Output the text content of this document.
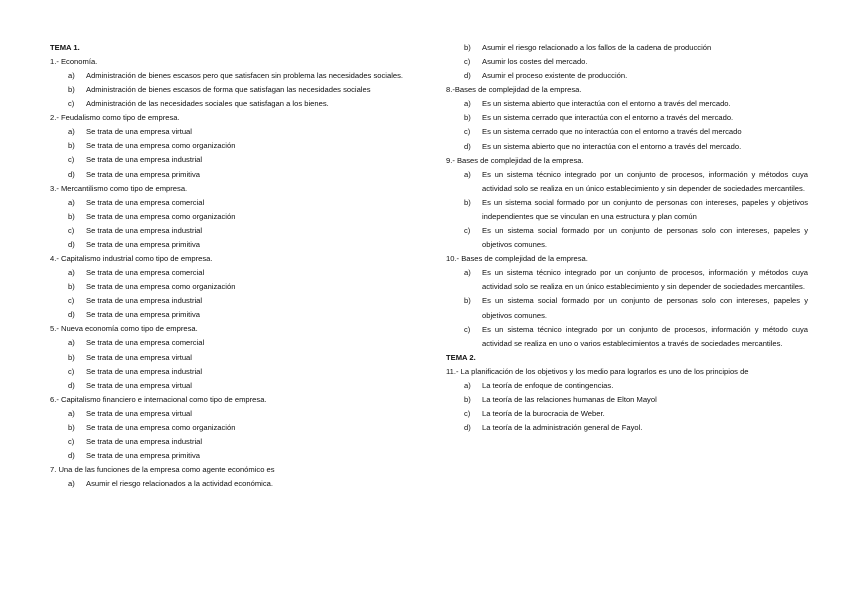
TEMA 1.
1.- Economía.
a) Administración de bienes escasos pero que satisfacen sin problema las necesidades sociales.
b) Administración de bienes escasos de forma que satisfagan las necesidades sociales
c) Administración de las necesidades sociales que satisfagan a los bienes.
2.- Feudalismo como tipo de empresa.
a) Se trata de una empresa virtual
b) Se trata de una empresa como organización
c) Se trata de una empresa industrial
d) Se trata de una empresa primitiva
3.- Mercantilismo como tipo de empresa.
a) Se trata de una empresa comercial
b) Se trata de una empresa como organización
c) Se trata de una empresa industrial
d) Se trata de una empresa primitiva
4.- Capitalismo industrial como tipo de empresa.
a) Se trata de una empresa comercial
b) Se trata de una empresa como organización
c) Se trata de una empresa industrial
d) Se trata de una empresa primitiva
5.- Nueva economía como tipo de empresa.
a) Se trata de una empresa comercial
b) Se trata de una empresa virtual
c) Se trata de una empresa industrial
d) Se trata de una empresa virtual
6.- Capitalismo financiero e internacional como tipo de empresa.
a) Se trata de una empresa virtual
b) Se trata de una empresa como organización
c) Se trata de una empresa industrial
d) Se trata de una empresa primitiva
7. Una de las funciones de la empresa como agente económico es
a) Asumir el riesgo relacionados a la actividad económica.
b) Asumir el riesgo relacionado a los fallos de la cadena de producción
c) Asumir los costes del mercado.
d) Asumir el proceso existente de producción.
8.-Bases de complejidad de la empresa.
a) Es un sistema abierto que interactúa con el entorno a través del mercado.
b) Es un sistema cerrado que interactúa con el entorno a través del mercado.
c) Es un sistema cerrado que no interactúa con el entorno a través del mercado
d) Es un sistema abierto que no interactúa con el entorno a través del mercado.
9.- Bases de complejidad de la empresa.
a) Es un sistema técnico integrado por un conjunto de procesos, información y métodos cuya actividad solo se realiza en un único establecimiento y sin depender de sociedades mercantiles.
b) Es un sistema social formado por un conjunto de personas con intereses, papeles y objetivos independientes que se vinculan en una estructura y plan común
c) Es un sistema social formado por un conjunto de personas solo con intereses, papeles y objetivos comunes.
10.- Bases de complejidad de la empresa.
a) Es un sistema técnico integrado por un conjunto de procesos, información y métodos cuya actividad solo se realiza en un único establecimiento y sin depender de sociedades mercantiles.
b) Es un sistema social formado por un conjunto de personas solo con intereses, papeles y objetivos comunes.
c) Es un sistema técnico integrado por un conjunto de procesos, información y método cuya actividad se realiza en uno o varios establecimientos a través de sociedades mercantiles.
TEMA 2.
11.- La planificación de los objetivos y los medio para lograrlos es uno de los principios de
a) La teoría de enfoque de contingencias.
b) La teoría de las relaciones humanas de Elton Mayol
c) La teoría de la burocracia de Weber.
d) La teoría de la administración general de Fayol.
